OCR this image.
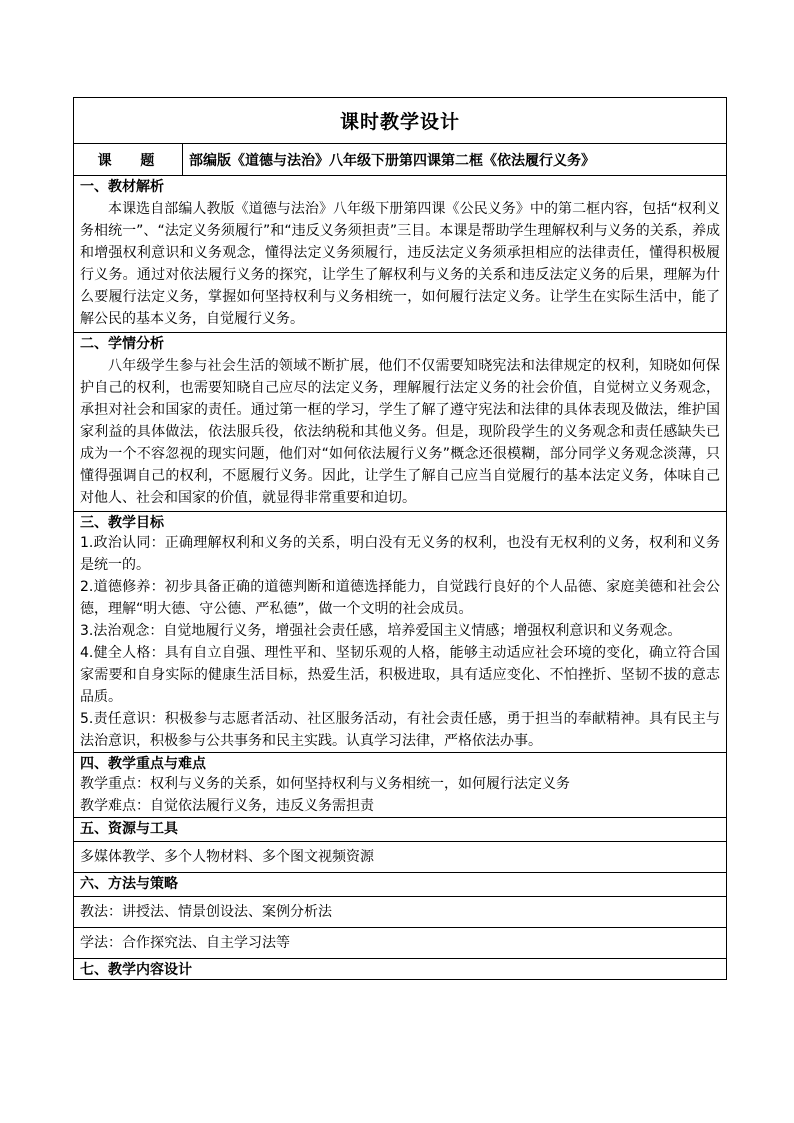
课时教学设计
课 题	部编版《道德与法治》八年级下册第四课第二框《依法履行义务》
一、教材解析
本课选自部编人教版《道德与法治》八年级下册第四课《公民义务》中的第二框内容，包括“权利义务相统一”、“法定义务须履行”和“违反义务须担责”三目。本课是帮助学生理解权利与义务的关系，养成和增强权利意识和义务观念，懂得法定义务须履行，违反法定义务须承担相应的法律责任，懂得积极履行义务。通过对依法履行义务的探究，让学生了解权利与义务的关系和违反法定义务的后果，理解为什么要履行法定义务，掌握如何坚持权利与义务相统一，如何履行法定义务。让学生在实际生活中，能了解公民的基本义务，自觉履行义务。
二、学情分析
八年级学生参与社会生活的领域不断扩展，他们不仅需要知晓宪法和法律规定的权利，知晓如何保护自己的权利，也需要知晓自己应尽的法定义务，理解履行法定义务的社会价值，自觉树立义务观念，承担对社会和国家的责任。通过第一框的学习，学生了解了遵守宪法和法律的具体表现及做法，维护国家利益的具体做法，依法服兵役，依法纳税和其他义务。但是，现阶段学生的义务观念和责任感缺失已成为一个不容忽视的现实问题，他们对“如何依法履行义务”概念还很模糊，部分同学义务观念淡薄，只懂得强调自己的权利，不愿履行义务。因此，让学生了解自己应当自觉履行的基本法定义务，体味自己对他人、社会和国家的价值，就显得非常重要和迫切。
三、教学目标
1.政治认同：正确理解权利和义务的关系，明白没有无义务的权利，也没有无权利的义务，权利和义务是统一的。
2.道德修养：初步具备正确的道德判断和道德选择能力，自觉践行良好的个人品德、家庭美德和社会公德，理解“明大德、守公德、严私德”，做一个文明的社会成员。
3.法治观念：自觉地履行义务，增强社会责任感，培养爱国主义情感；增强权利意识和义务观念。
4.健全人格：具有自立自强、理性平和、坚韧乐观的人格，能够主动适应社会环境的变化，确立符合国家需要和自身实际的健康生活目标，热爱生活，积极进取，具有适应变化、不怕挫折、坚韧不拔的意志品质。
5.责任意识：积极参与志愿者活动、社区服务活动，有社会责任感，勇于担当的奉献精神。具有民主与法治意识，积极参与公共事务和民主实践。认真学习法律，严格依法办事。
四、教学重点与难点
教学重点：权利与义务的关系，如何坚持权利与义务相统一，如何履行法定义务
教学难点：自觉依法履行义务，违反义务需担责
五、资源与工具
多媒体教学、多个人物材料、多个图文视频资源
六、方法与策略
教法：讲授法、情景创设法、案例分析法
学法：合作探究法、自主学习法等
七、教学内容设计
